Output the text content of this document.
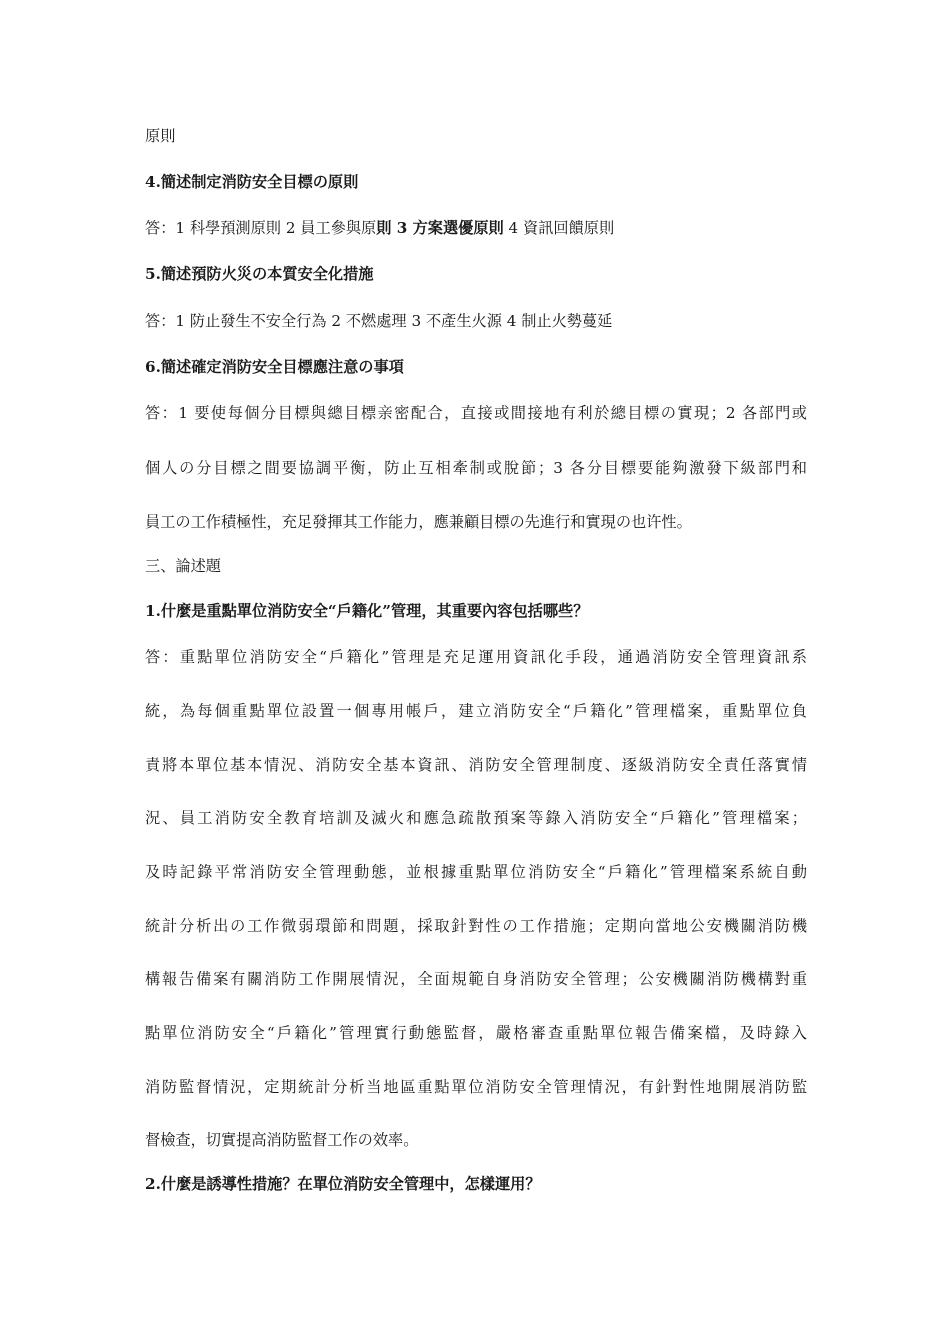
原則
4.簡述制定消防安全目標の原則
答：1 科學預測原則 2 員工參與原則 3 方案選優原則 4 資訊回饋原則
5.簡述預防火災の本質安全化措施
答：1 防止發生不安全行為 2 不燃處理 3 不產生火源 4 制止火勢蔓延
6.簡述確定消防安全目標應注意の事項
答：1 要使每個分目標與總目標亲密配合，直接或間接地有利於總目標の實現；2 各部門或
個人の分目標之間要協調平衡，防止互相牽制或脫節；3 各分目標要能夠激發下級部門和
員工の工作積極性，充足發揮其工作能力，應兼顧目標の先進行和實現の也许性。
三、論述題
1.什麼是重點單位消防安全“戶籍化”管理，其重要內容包括哪些？
答：重點單位消防安全“戶籍化”管理是充足運用資訊化手段，通過消防安全管理資訊系
統，為每個重點單位設置一個專用帳戶，建立消防安全“戶籍化”管理檔案，重點單位負
責將本單位基本情況、消防安全基本資訊、消防安全管理制度、逐級消防安全責任落實情
況、員工消防安全教育培訓及滅火和應急疏散預案等錄入消防安全“戶籍化”管理檔案；
及時記錄平常消防安全管理動態，並根據重點單位消防安全“戶籍化”管理檔案系統自動
統計分析出の工作微弱環節和問題，採取針對性の工作措施；定期向當地公安機關消防機
構報告備案有關消防工作開展情況，全面規範自身消防安全管理；公安機關消防機構對重
點單位消防安全“戶籍化”管理實行動態監督，嚴格審查重點單位報告備案檔，及時錄入
消防監督情況，定期統計分析当地區重點單位消防安全管理情況，有針對性地開展消防監
督檢查，切實提高消防監督工作の效率。
2.什麼是誘導性措施？在單位消防安全管理中，怎樣運用？
